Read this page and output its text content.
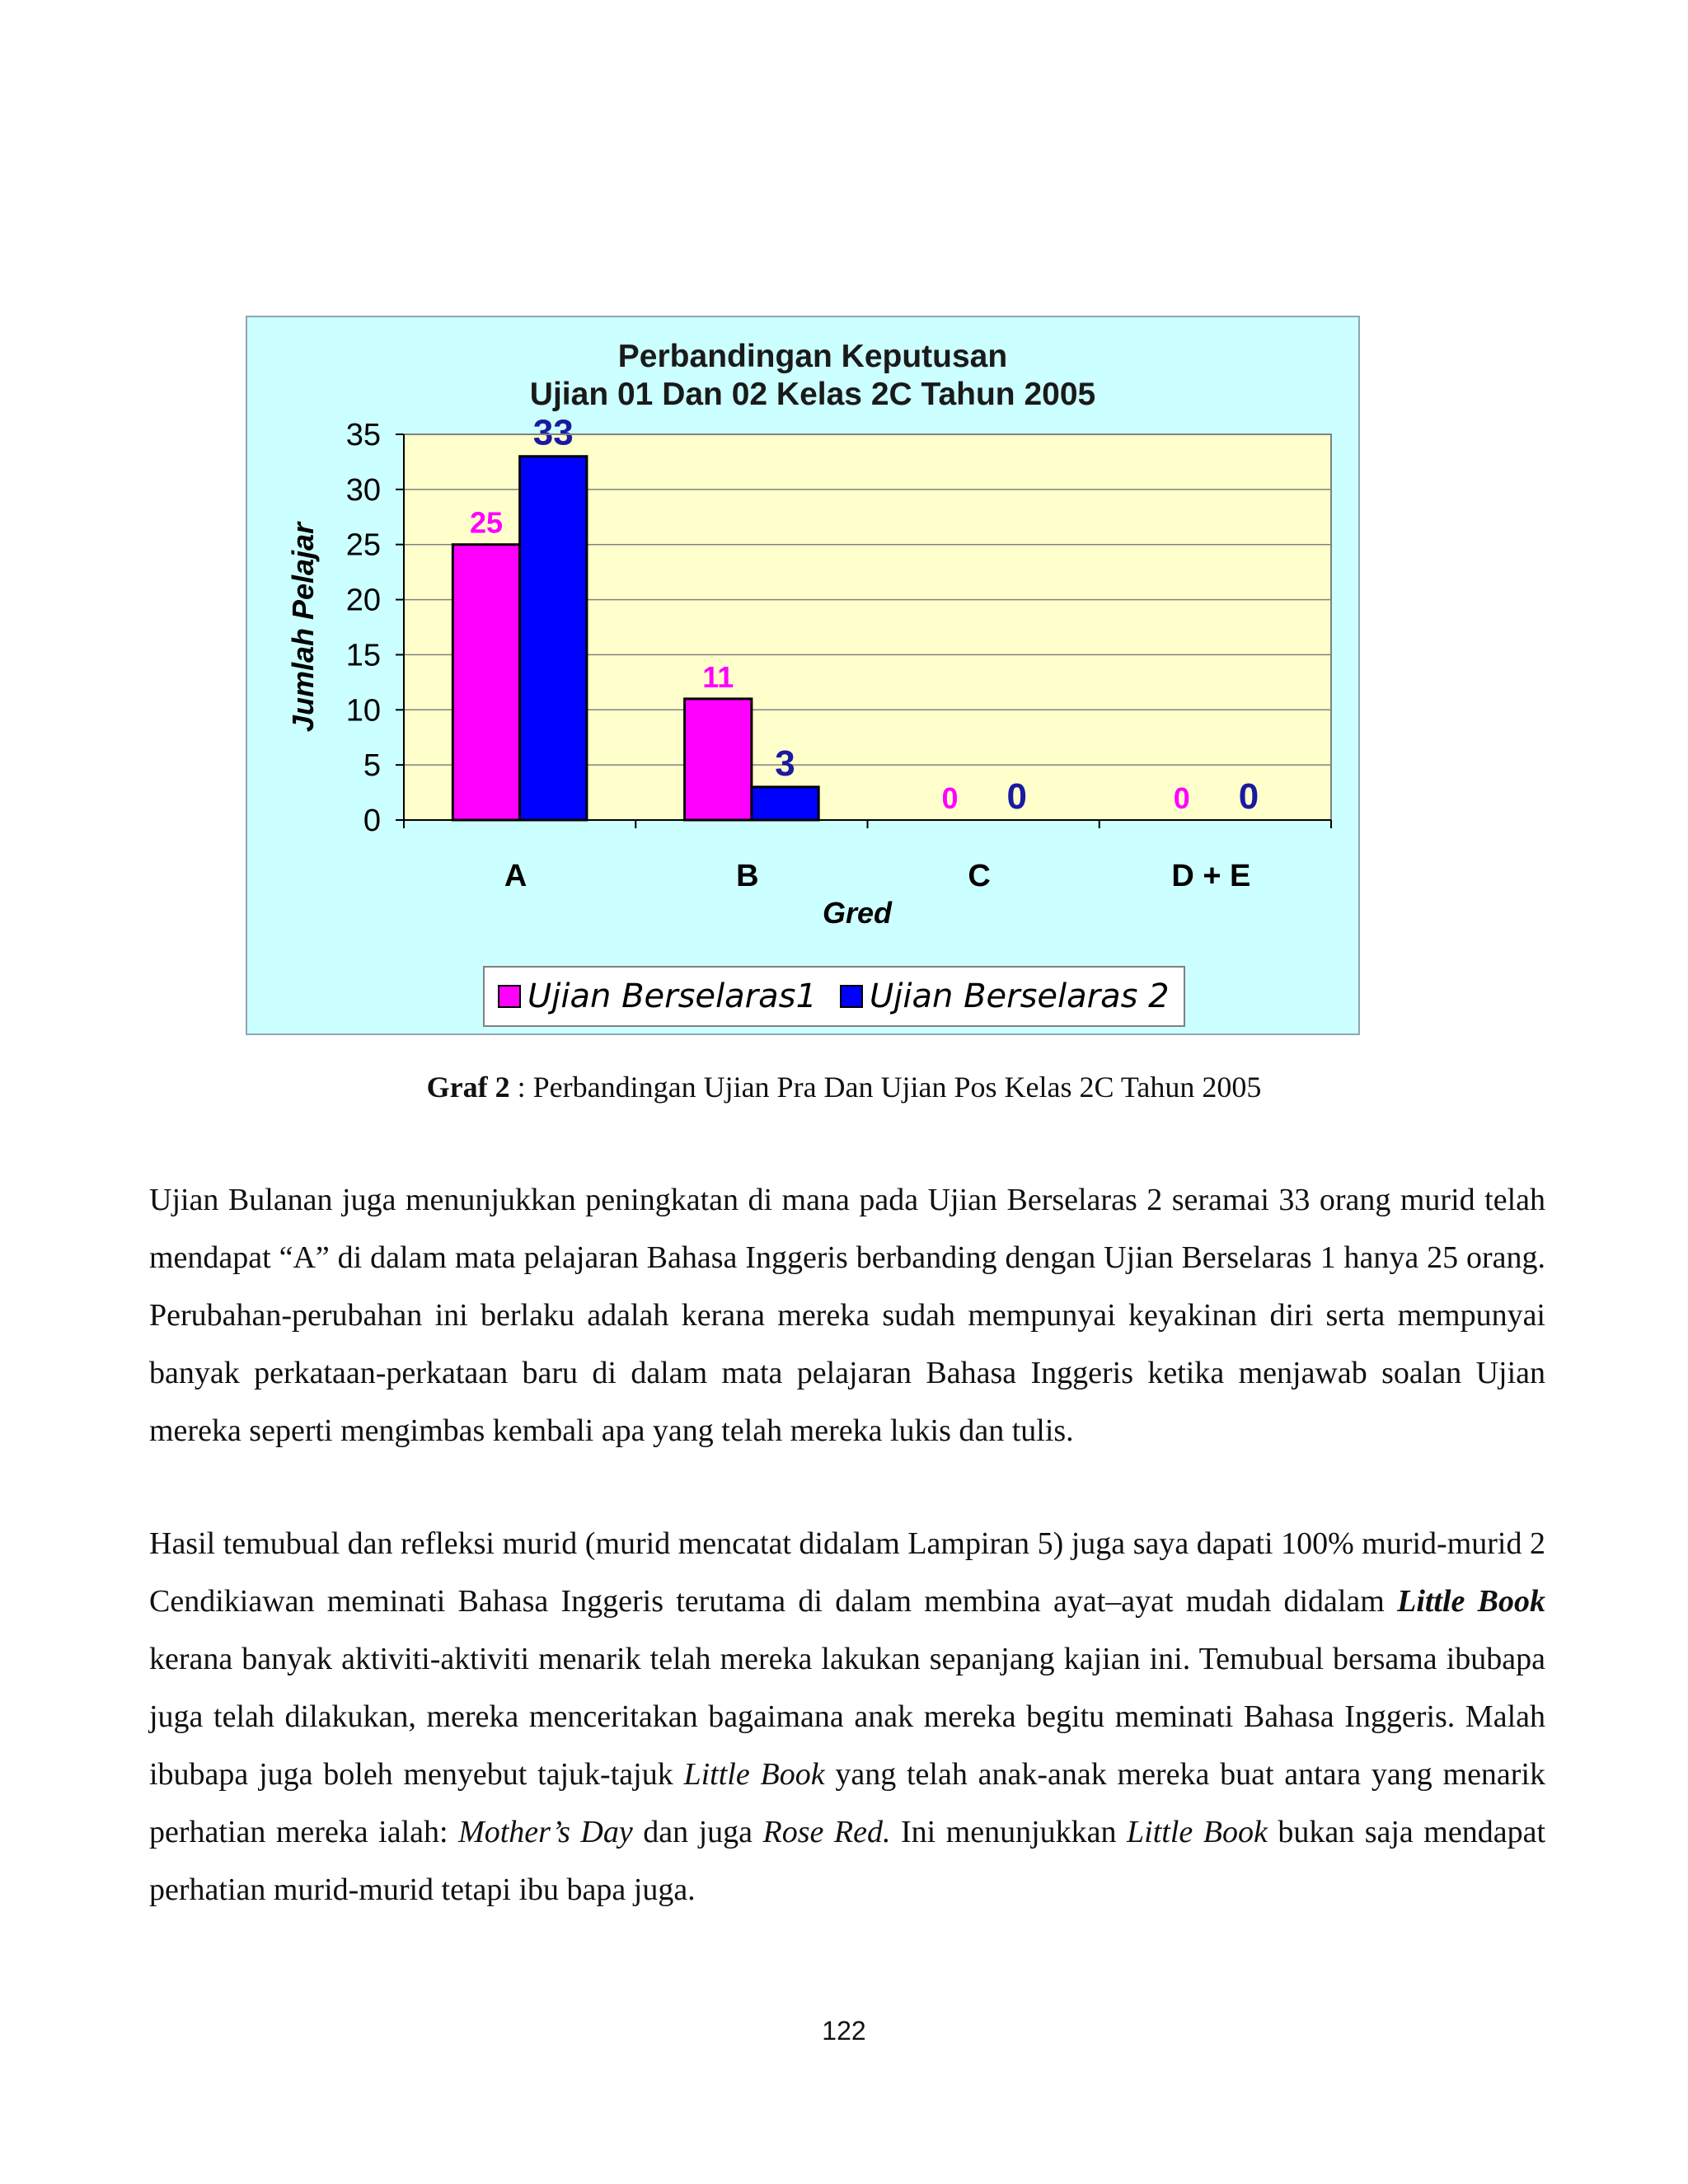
Perbandingan Keputusan
Ujian 01 Dan 02 Kelas 2C Tahun 2005
25
33
11
3
0 0	0 0
0
5
10
15
20
25
30
35
A	B	C	D + E
Gred
Jumlah Pelajar
Ujian Berselaras1 Ujian Berselaras 2
Graf 2 : Perbandingan Ujian Pra Dan Ujian Pos Kelas 2C Tahun 2005

Ujian Bulanan juga menunjukkan peningkatan di mana pada Ujian Berselaras 2 seramai 33 orang murid telah mendapat “A” di dalam mata pelajaran Bahasa Inggeris berbanding dengan Ujian Berselaras 1 hanya 25 orang. Perubahan-perubahan ini berlaku adalah kerana mereka sudah mempunyai keyakinan diri serta mempunyai banyak perkataan-perkataan baru di dalam mata pelajaran Bahasa Inggeris ketika menjawab soalan Ujian mereka seperti mengimbas kembali apa yang telah mereka lukis dan tulis.

Hasil temubual dan refleksi murid (murid mencatat didalam Lampiran 5) juga saya dapati 100% murid-murid 2 Cendikiawan meminati Bahasa Inggeris terutama di dalam membina ayat–ayat mudah didalam Little Book kerana banyak aktiviti-aktiviti menarik telah mereka lakukan sepanjang kajian ini. Temubual bersama ibubapa juga telah dilakukan, mereka menceritakan bagaimana anak mereka begitu meminati Bahasa Inggeris. Malah ibubapa juga boleh menyebut tajuk-tajuk Little Book yang telah anak-anak mereka buat antara yang menarik perhatian mereka ialah: Mother’s Day dan juga Rose Red. Ini menunjukkan Little Book bukan saja mendapat perhatian murid-murid tetapi ibu bapa juga.

122
